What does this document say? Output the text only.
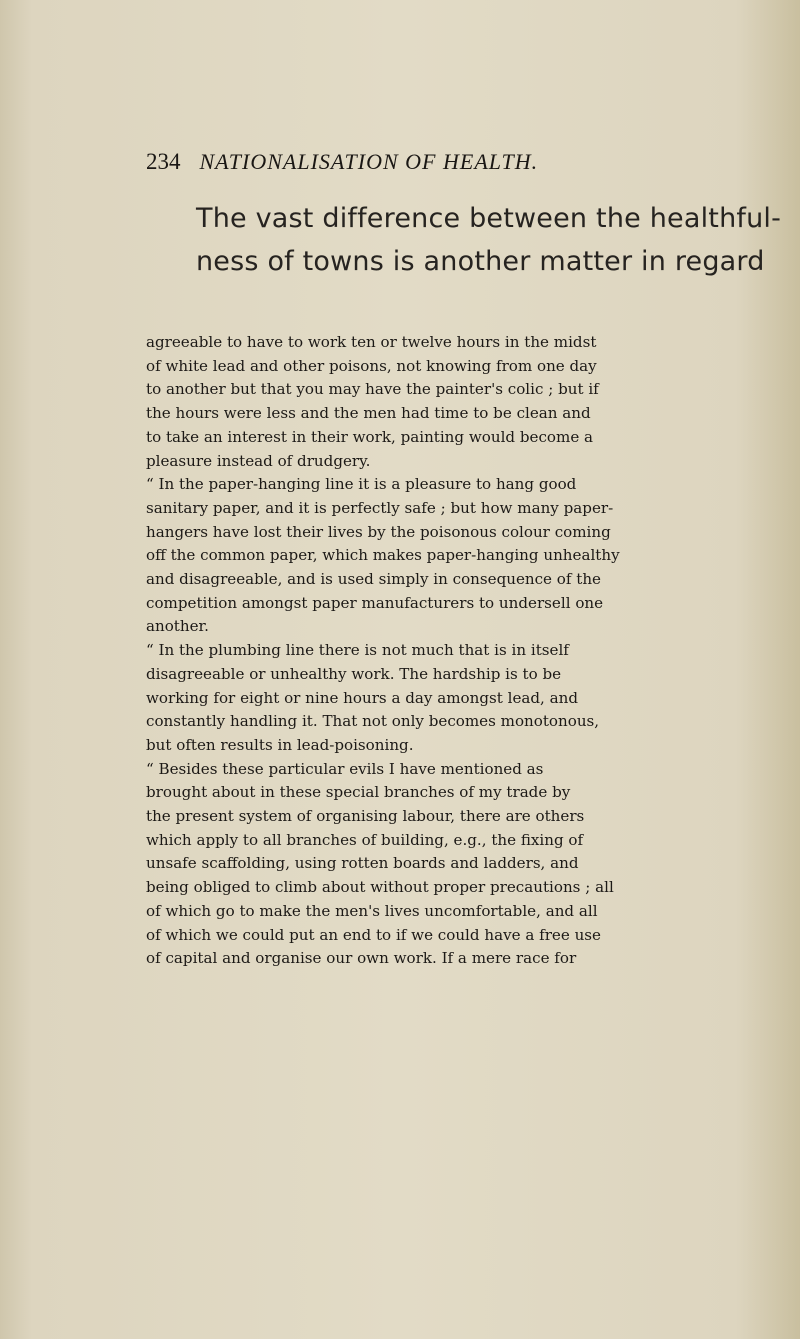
234 NATIONALISATION OF HEALTH.
The vast difference between the healthful-
ness of towns is another matter in regard
agreeable to have to work ten or twelve hours in the midst
of white lead and other poisons, not knowing from one day
to another but that you may have the painter's colic ; but if
the hours were less and the men had time to be clean and
to take an interest in their work, painting would become a
pleasure instead of drudgery.
“ In the paper-hanging line it is a pleasure to hang good
sanitary paper, and it is perfectly safe ; but how many paper-
hangers have lost their lives by the poisonous colour coming
off the common paper, which makes paper-hanging unhealthy
and disagreeable, and is used simply in consequence of the
competition amongst paper manufacturers to undersell one
another.
“ In the plumbing line there is not much that is in itself
disagreeable or unhealthy work. The hardship is to be
working for eight or nine hours a day amongst lead, and
constantly handling it. That not only becomes monotonous,
but often results in lead-poisoning.
“ Besides these particular evils I have mentioned as
brought about in these special branches of my trade by
the present system of organising labour, there are others
which apply to all branches of building, e.g., the fixing of
unsafe scaffolding, using rotten boards and ladders, and
being obliged to climb about without proper precautions ; all
of which go to make the men's lives uncomfortable, and all
of which we could put an end to if we could have a free use
of capital and organise our own work. If a mere race for
